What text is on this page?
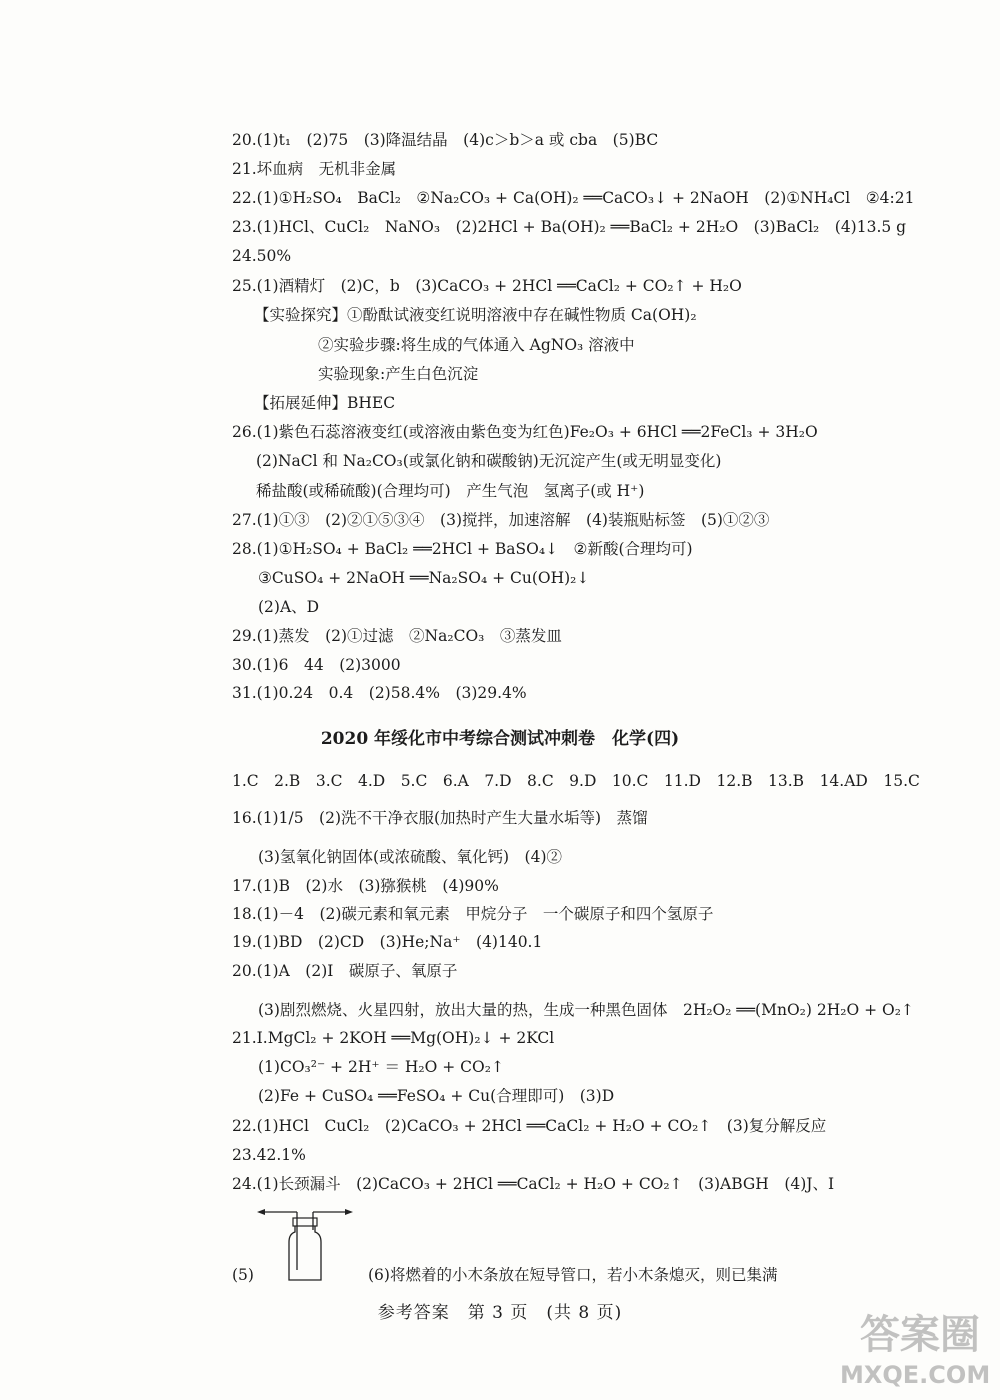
20.(1)t₁　(2)75　(3)降温结晶　(4)c＞b＞a 或 cba　(5)BC
21.坏血病　无机非金属
22.(1)①H₂SO₄　BaCl₂　②Na₂CO₃ + Ca(OH)₂ ══CaCO₃↓ + 2NaOH　(2)①NH₄Cl　②4:21
23.(1)HCl、CuCl₂　NaNO₃　(2)2HCl + Ba(OH)₂ ══BaCl₂ + 2H₂O　(3)BaCl₂　(4)13.5 g
24.50%
25.(1)酒精灯　(2)C，b　(3)CaCO₃ + 2HCl ══CaCl₂ + CO₂↑ + H₂O
【实验探究】①酚酞试液变红说明溶液中存在碱性物质 Ca(OH)₂
②实验步骤:将生成的气体通入 AgNO₃ 溶液中
实验现象:产生白色沉淀
【拓展延伸】BHEC
26.(1)紫色石蕊溶液变红(或溶液由紫色变为红色)Fe₂O₃ + 6HCl ══2FeCl₃ + 3H₂O
(2)NaCl 和 Na₂CO₃(或氯化钠和碳酸钠)无沉淀产生(或无明显变化)
稀盐酸(或稀硫酸)(合理均可)　产生气泡　氢离子(或 H⁺)
27.(1)①③　(2)②①⑤③④　(3)搅拌，加速溶解　(4)装瓶贴标签　(5)①②③
28.(1)①H₂SO₄ + BaCl₂ ══2HCl + BaSO₄↓　②新酸(合理均可)
③CuSO₄ + 2NaOH ══Na₂SO₄ + Cu(OH)₂↓
(2)A、D
29.(1)蒸发　(2)①过滤　②Na₂CO₃　③蒸发皿
30.(1)6　44　(2)3000
31.(1)0.24　0.4　(2)58.4%　(3)29.4%
2020 年绥化市中考综合测试冲刺卷　化学(四)
1.C　2.B　3.C　4.D　5.C　6.A　7.D　8.C　9.D　10.C　11.D　12.B　13.B　14.AD　15.C
16.(1)1/5　(2)洗不干净衣服(加热时产生大量水垢等)　蒸馏
(3)氢氧化钠固体(或浓硫酸、氧化钙)　(4)②
17.(1)B　(2)水　(3)猕猴桃　(4)90%
18.(1)－4　(2)碳元素和氧元素　甲烷分子　一个碳原子和四个氢原子
19.(1)BD　(2)CD　(3)He;Na⁺　(4)140.1
20.(1)A　(2)Ⅰ　碳原子、氧原子
(3)剧烈燃烧、火星四射，放出大量的热，生成一种黑色固体　2H₂O₂ ══(MnO₂) 2H₂O + O₂↑
21.Ⅰ.MgCl₂ + 2KOH ══Mg(OH)₂↓ + 2KCl
(1)CO₃²⁻ + 2H⁺ ＝ H₂O + CO₂↑
(2)Fe + CuSO₄ ══FeSO₄ + Cu(合理即可)　(3)D
22.(1)HCl　CuCl₂　(2)CaCO₃ + 2HCl ══CaCl₂ + H₂O + CO₂↑　(3)复分解反应
23.42.1%
24.(1)长颈漏斗　(2)CaCO₃ + 2HCl ══CaCl₂ + H₂O + CO₂↑　(3)ABGH　(4)J、I
(5)	(6)将燃着的小木条放在短导管口，若小木条熄灭，则已集满
参考答案　第 3 页　(共 8 页)	答案圈
MXQE.COM
